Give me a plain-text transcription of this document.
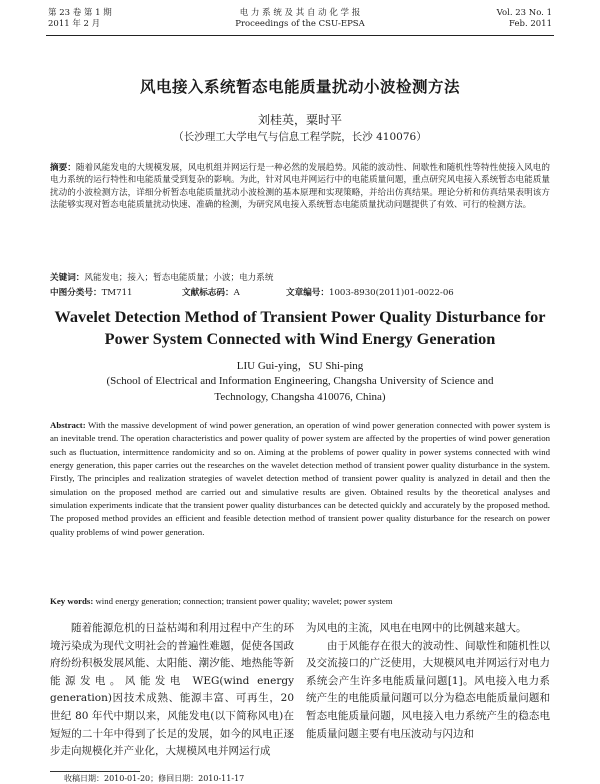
第 23 卷 第 1 期
2011 年 2 月
电 力 系 统 及 其 自 动 化 学 报
Proceedings of the CSU-EPSA
Vol. 23 No. 1
Feb. 2011
风电接入系统暂态电能质量扰动小波检测方法
刘桂英，粟时平
（长沙理工大学电气与信息工程学院，长沙 410076）
摘要：随着风能发电的大规模发展，风电机组并网运行是一种必然的发展趋势。风能的波动性、间歇性和随机性等特性使接入风电的电力系统的运行特性和电能质量受到复杂的影响。为此，针对风电并网运行中的电能质量问题，重点研究风电接入系统暂态电能质量扰动的小波检测方法，详细分析暂态电能质量扰动小波检测的基本原理和实现策略，并给出仿真结果。理论分析和仿真结果表明该方法能够实现对暂态电能质量扰动快速、准确的检测，为研究风电接入系统暂态电能质量扰动问题提供了有效、可行的检测方法。
关键词：风能发电；接入；暂态电能质量；小波；电力系统
中图分类号：TM711	文献标志码：A	文章编号：1003-8930(2011)01-0022-06
Wavelet Detection Method of Transient Power Quality Disturbance for Power System Connected with Wind Energy Generation
LIU Gui-ying，SU Shi-ping
(School of Electrical and Information Engineering, Changsha University of Science and Technology, Changsha 410076, China)
Abstract: With the massive development of wind power generation, an operation of wind power generation connected with power system is an inevitable trend. The operation characteristics and power quality of power system are affected by the properties of wind power generation such as fluctuation, intermittence randomicity and so on. Aiming at the problems of power quality in power systems connected with wind energy generation, this paper carries out the researches on the wavelet detection method of transient power quality disturbance in the system. Firstly, The principles and realization strategies of wavelet detection method of transient power quality is analyzed in detail and then the simulation on the proposed method are carried out and simulative results are given. Obtained results by the theoretical analyses and simulation experiments indicate that the transient power quality disturbances can be detected quickly and accurately by the proposed method. The proposed method provides an efficient and feasible detection method of transient power quality disturbance for the research on power quality problems of wind power generation.
Key words: wind energy generation; connection; transient power quality; wavelet; power system

随着能源危机的日益枯竭和利用过程中产生的环境污染成为现代文明社会的普遍性难题，促使各国政府纷纷积极发展风能、太阳能、潮汐能、地热能等新能源发电。风能发电 WEG(wind energy generation)因技术成熟、能源丰富、可再生，20 世纪 80 年代中期以来，风能发电(以下简称风电)在短短的二十年中得到了长足的发展，如今的风电正逐步走向规模化并产业化，大规模风电并网运行成

为风电的主流，风电在电网中的比例越来越大。

由于风能存在很大的波动性、间歇性和随机性以及交流接口的广泛使用，大规模风电并网运行对电力系统会产生许多电能质量问题[1]。风电接入电力系统产生的电能质量问题可以分为稳态电能质量问题和暂态电能质量问题，风电接入电力系统产生的稳态电能质量问题主要有电压波动与闪边和

收稿日期：2010-01-20；修回日期：2010-11-17
